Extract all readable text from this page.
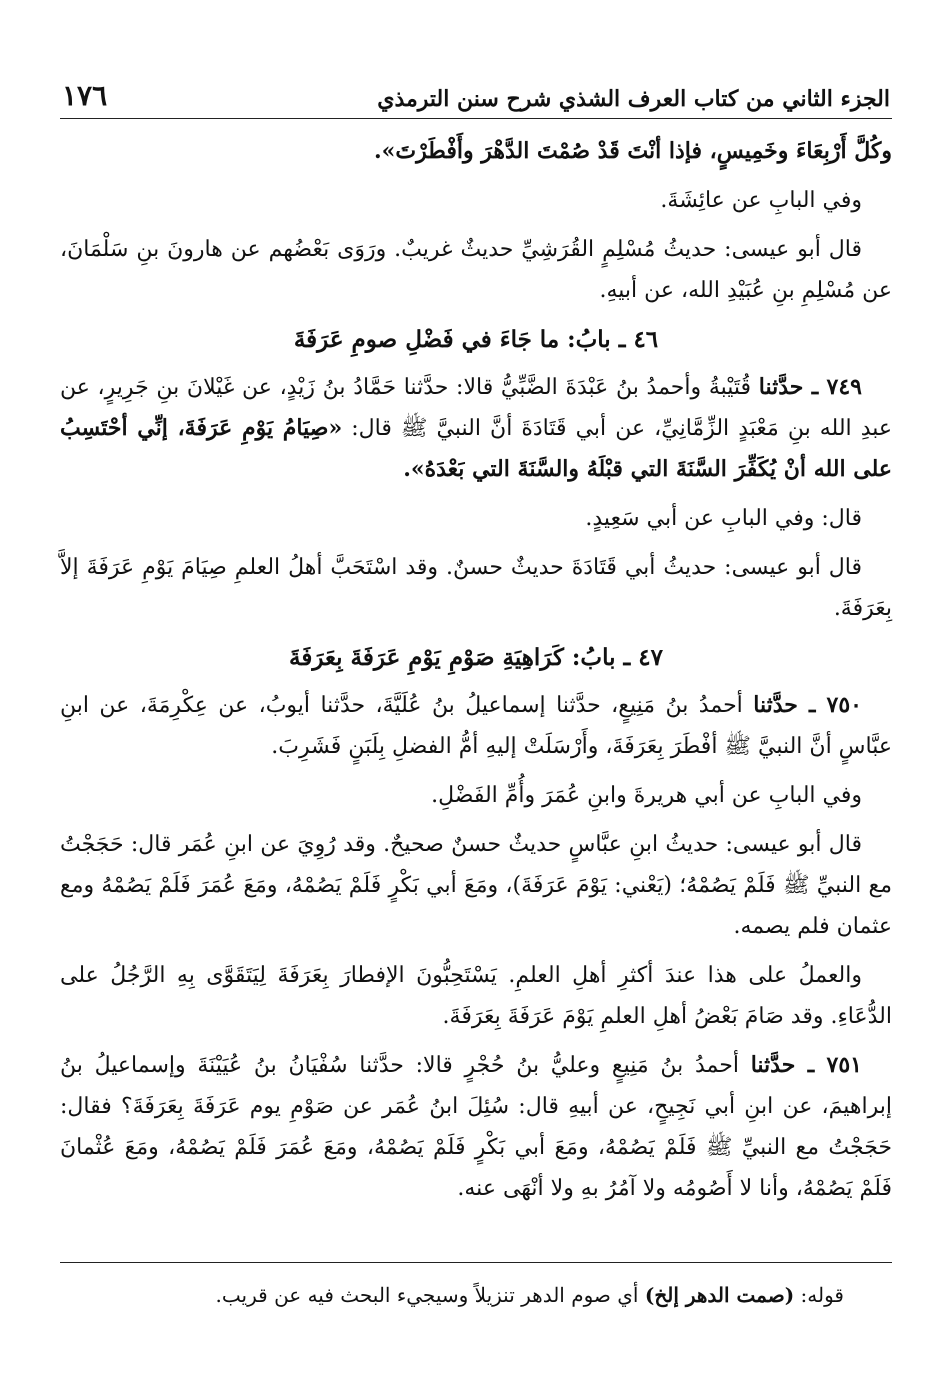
الجزء الثاني من كتاب العرف الشذي شرح سنن الترمذي
١٧٦

وكُلَّ أَرْبِعَاءَ وخَمِيسٍ، فإذا أنْتَ قَدْ صُمْتَ الدَّهْرَ وأَفْطَرْتَ».

وفي البابِ عن عائِشَةَ.

قال أبو عيسى: حديثُ مُسْلِمٍ القُرَشِيِّ حديثٌ غريبٌ. ورَوَى بَعْضُهم عن هارونَ بنِ سَلْمَانَ، عن مُسْلِمِ بنِ عُبَيْدِ الله، عن أبيهِ.

٤٦ ـ بابُ: ما جَاءَ في فَضْلِ صومِ عَرَفَةَ

٧٤٩ ـ حدَّثنا قُتَيْبةُ وأحمدُ بنُ عَبْدَةَ الضَّبِّيُّ قالا: حدَّثنا حَمَّادُ بنُ زَيْدٍ، عن غَيْلانَ بنِ جَرِيرٍ، عن عبدِ الله بنِ مَعْبَدٍ الزِّمَّانِيِّ، عن أبي قَتَادَةَ أنَّ النبيَّ ﷺ قال: «صِيَامُ يَوْمِ عَرَفَةَ، إنِّي أحْتَسِبُ على الله أنْ يُكَفِّرَ السَّنَةَ التي قبْلَهُ والسَّنَةَ التي بَعْدَهُ».

قال: وفي البابِ عن أبي سَعِيدٍ.

قال أبو عيسى: حديثُ أبي قَتَادَةَ حديثٌ حسنٌ. وقد اسْتَحَبَّ أهلُ العلمِ صِيَامَ يَوْمِ عَرَفَةَ إلاَّ بِعَرَفَةَ.

٤٧ ـ بابُ: كَرَاهِيَةِ صَوْمِ يَوْمِ عَرَفَةَ بِعَرَفَةَ

٧٥٠ ـ حدَّثنا أحمدُ بنُ مَنِيعٍ، حدَّثنا إسماعيلُ بنُ عُلَيَّةَ، حدَّثنا أيوبُ، عن عِكْرِمَةَ، عن ابنِ عبَّاسٍ أنَّ النبيَّ ﷺ أفْطَرَ بِعَرَفَةَ، وأَرْسَلَتْ إليهِ أمُّ الفضلِ بِلَبَنٍ فَشَرِبَ.

وفي البابِ عن أبي هريرةَ وابنِ عُمَرَ وأُمِّ الفَضْلِ.

قال أبو عيسى: حديثُ ابنِ عبَّاسٍ حديثٌ حسنٌ صحيحٌ. وقد رُوِيَ عن ابنِ عُمَر قال: حَجَجْتُ مع النبيِّ ﷺ فَلَمْ يَصُمْهُ؛ (يَعْني: يَوْمَ عَرَفَةَ)، ومَعَ أبي بَكْرٍ فَلَمْ يَصُمْهُ، ومَعَ عُمَرَ فَلَمْ يَصُمْهُ ومع عثمان فلم يصمه.

والعملُ على هذا عندَ أكثرِ أهلِ العلمِ. يَسْتَحِبُّونَ الإفطارَ بِعَرَفَةَ لِيَتَقَوَّى بِهِ الرَّجُلُ على الدُّعَاءِ. وقد صَامَ بَعْضُ أهلِ العلمِ يَوْمَ عَرَفَةَ بِعَرَفَةَ.

٧٥١ ـ حدَّثنا أحمدُ بنُ مَنِيعٍ وعليُّ بنُ حُجْرٍ قالا: حدَّثنا سُفْيَانُ بنُ عُيَيْنَةَ وإسماعيلُ بنُ إبراهيمَ، عن ابنِ أبي نَجِيحٍ، عن أبيهِ قال: سُئِلَ ابنُ عُمَر عن صَوْمِ يوم عَرَفَةَ بِعَرَفَةَ؟ فقال: حَجَجْتُ مع النبيِّ ﷺ فَلَمْ يَصُمْهُ، ومَعَ أبي بَكْرٍ فَلَمْ يَصُمْهُ، ومَعَ عُمَرَ فَلَمْ يَصُمْهُ، ومَعَ عُثْمانَ فَلَمْ يَصُمْهُ، وأنا لا أَصُومُه ولا آمُرُ بهِ ولا أنْهَى عنه.

قوله: (صمت الدهر إلخ) أي صوم الدهر تنزيلاً وسيجيء البحث فيه عن قريب.
